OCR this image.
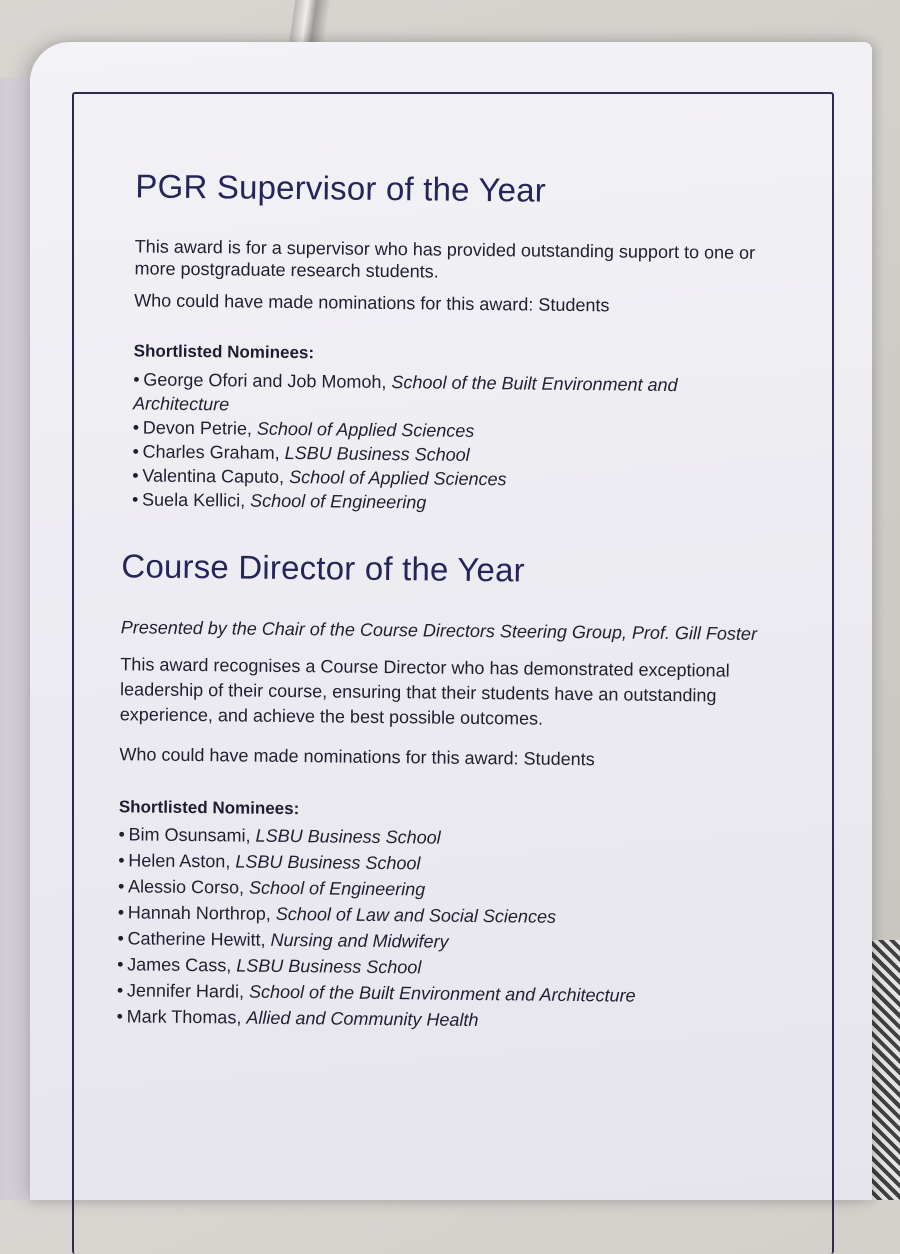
PGR Supervisor of the Year

This award is for a supervisor who has provided outstanding support to one or more postgraduate research students.

Who could have made nominations for this award: Students

Shortlisted Nominees:

• George Ofori and Job Momoh, School of the Built Environment and Architecture
• Devon Petrie, School of Applied Sciences
• Charles Graham, LSBU Business School
• Valentina Caputo, School of Applied Sciences
• Suela Kellici, School of Engineering
Course Director of the Year

Presented by the Chair of the Course Directors Steering Group, Prof. Gill Foster

This award recognises a Course Director who has demonstrated exceptional leadership of their course, ensuring that their students have an outstanding experience, and achieve the best possible outcomes.

Who could have made nominations for this award: Students

Shortlisted Nominees:

• Bim Osunsami, LSBU Business School
• Helen Aston, LSBU Business School
• Alessio Corso, School of Engineering
• Hannah Northrop, School of Law and Social Sciences
• Catherine Hewitt, Nursing and Midwifery
• James Cass, LSBU Business School
• Jennifer Hardi, School of the Built Environment and Architecture
• Mark Thomas, Allied and Community Health
